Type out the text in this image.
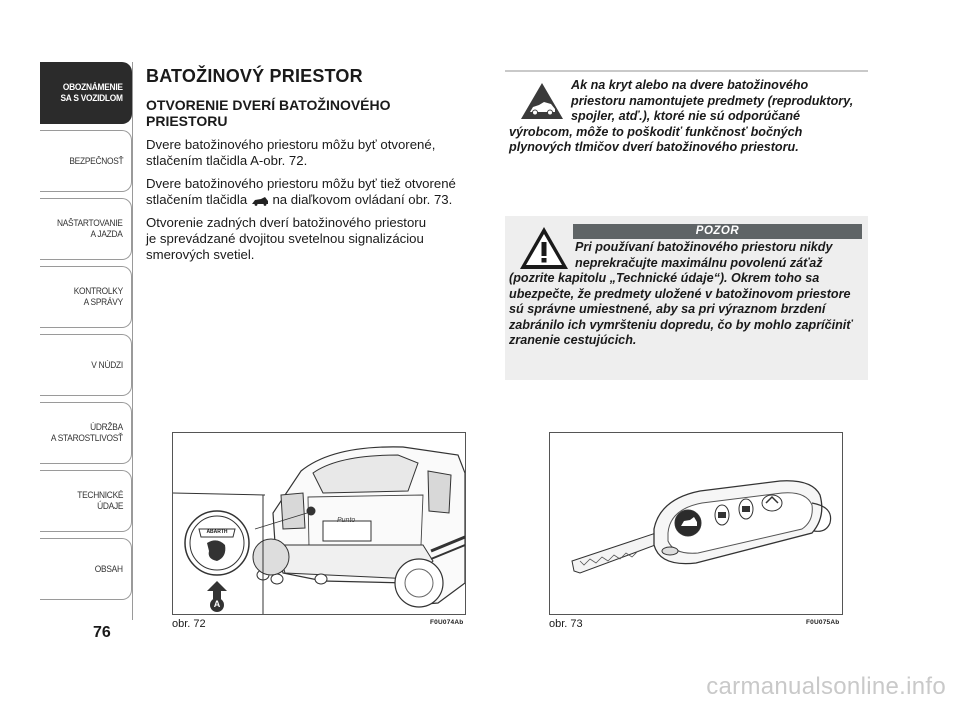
OBOZNÁMENIE
SA S VOZIDLOM
BEZPEČNOSŤ
NAŠTARTOVANIE
A JAZDA
KONTROLKY
A SPRÁVY
V NÚDZI
ÚDRŽBA
A STAROSTLIVOSŤ
TECHNICKÉ
ÚDAJE
OBSAH
76
BATOŽINOVÝ PRIESTOR
OTVORENIE DVERÍ BATOŽINOVÉHO
PRIESTORU
Dvere batožinového priestoru môžu byť otvorené,
stlačením tlačidla A-obr. 72.
Dvere batožinového priestoru môžu byť tiež otvorené
stlačením tlačidla  na diaľkovom ovládaní obr. 73.
Otvorenie zadných dverí batožinového priestoru
je sprevádzané dvojitou svetelnou signalizáciou
smerových svetiel.
Ak na kryt alebo na dvere batožinového priestoru namontujete predmety (reproduktory, spojler, atď.), ktoré nie sú odporúčané výrobcom, môže to poškodiť funkčnosť bočných plynových tlmičov dverí batožinového priestoru.
POZOR
Pri používaní batožinového priestoru nikdy neprekračujte maximálnu povolenú záťaž (pozrite kapitolu „Technické údaje“). Okrem toho sa ubezpečte, že predmety uložené v batožinovom priestore sú správne umiestnené, aby sa pri výraznom brzdení zabránilo ich vymršteniu dopredu, čo by mohlo zapríčiniť zranenie cestujúcich.
ABARTH
Punto
A
obr. 72	F0U074Ab	obr. 73	F0U075Ab
carmanualsonline.info
